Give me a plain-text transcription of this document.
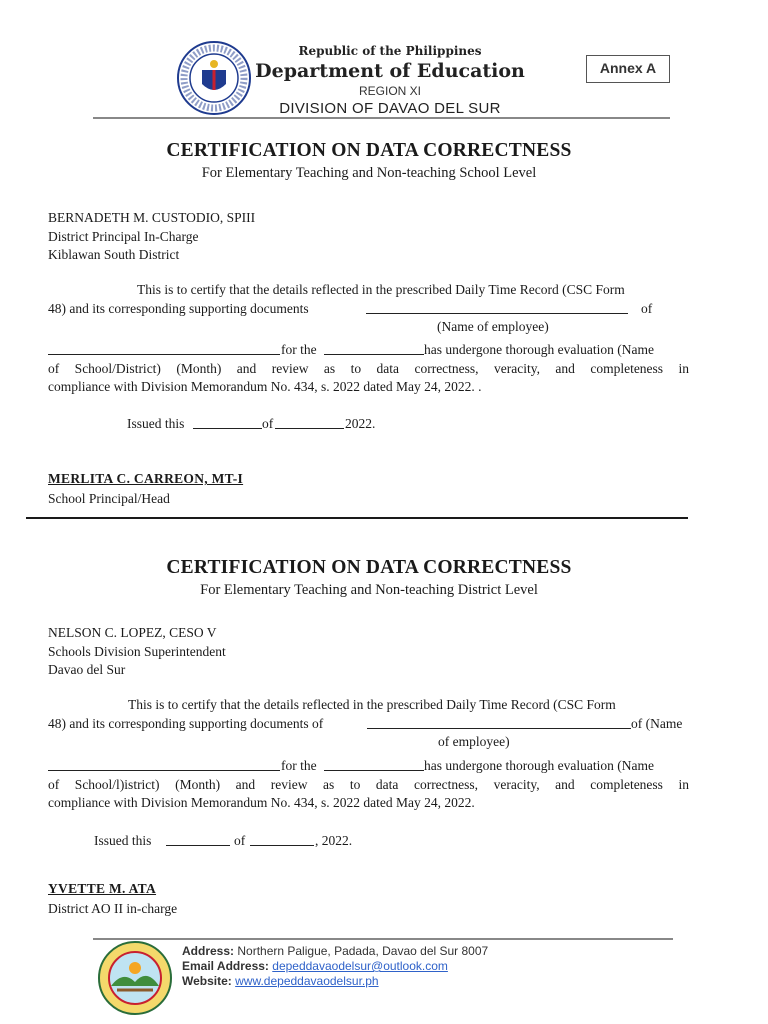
Republic of the Philippines
Department of Education
REGION XI
DIVISION OF DAVAO DEL SUR
Annex A
CERTIFICATION ON DATA CORRECTNESS
For Elementary Teaching and Non-teaching School Level
BERNADETH M. CUSTODIO, SPIII
District Principal In-Charge
Kiblawan South District
This is to certify that the details reflected in the prescribed Daily Time Record (CSC Form
48) and its corresponding supporting documents	of
(Name of employee)
for the	has undergone thorough evaluation (Name
of School/District) (Month) and review as to data correctness, veracity, and completeness in
compliance with Division Memorandum No. 434, s. 2022 dated May 24, 2022. .
Issued this	of	2022.
MERLITA C. CARREON, MT-I
School Principal/Head
CERTIFICATION ON DATA CORRECTNESS
For Elementary Teaching and Non-teaching District Level
NELSON C. LOPEZ, CESO V
Schools Division Superintendent
Davao del Sur
This is to certify that the details reflected in the prescribed Daily Time Record (CSC Form
48) and its corresponding supporting documents of	of (Name
of employee)
for the	has undergone thorough evaluation (Name
of School/l)istrict) (Month) and review as to data correctness, veracity, and completeness in
compliance with Division Memorandum No. 434, s. 2022 dated May 24, 2022.
Issued this	of	, 2022.
YVETTE M. ATA
District AO II in-charge
Address: Northern Paligue, Padada, Davao del Sur 8007
Email Address: depeddavaodelsur@outlook.com
Website: www.depeddavaodelsur.ph
